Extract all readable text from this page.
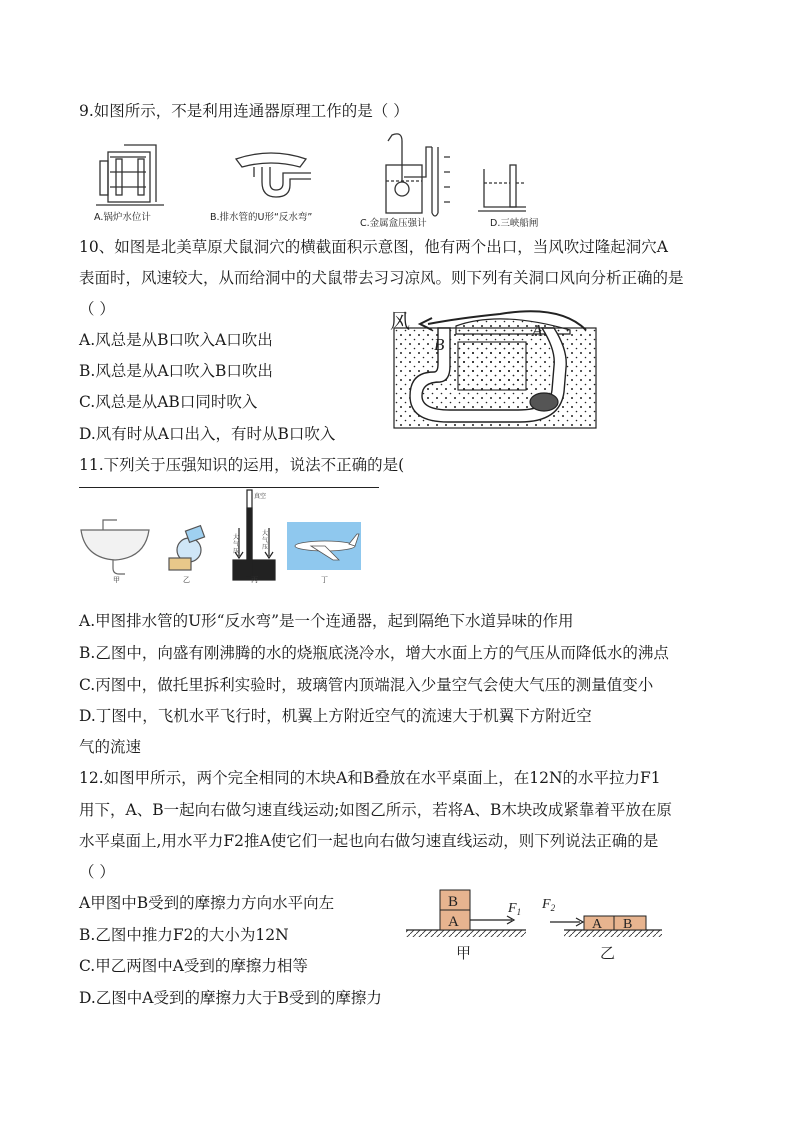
9.如图所示，不是利用连通器原理工作的是（ ）
A.锅炉水位计	B.排水管的U形“反水弯”
C.金属盒压强计	D.三峡船闸
10、如图是北美草原犬鼠洞穴的横截面积示意图，他有两个出口，当风吹过隆起洞穴A
表面时，风速较大，从而给洞中的犬鼠带去习习凉风。则下列有关洞口风向分析正确的是
（ ）
A.风总是从B口吹入A口吹出
B.风总是从A口吹入B口吹出
C.风总是从AB口同时吹入
D.风有时从A口出入，有时从B口吹入
风	A
B
11.下列关于压强知识的运用，说法不正确的是(
真空
甲	乙	丙	丁
大气压
大气压
A.甲图排水管的U形“反水弯”是一个连通器，起到隔绝下水道异味的作用
B.乙图中，向盛有刚沸腾的水的烧瓶底浇冷水，增大水面上方的气压从而降低水的沸点
C.丙图中，做托里拆利实验时，玻璃管内顶端混入少量空气会使大气压的测量值变小
D.丁图中，飞机水平飞行时，机翼上方附近空气的流速大于机翼下方附近空
气的流速
12.如图甲所示，两个完全相同的木块A和B叠放在水平桌面上，在12N的水平拉力F1
用下，A、B一起向右做匀速直线运动;如图乙所示，若将A、B木块改成紧靠着平放在原
水平桌面上,用水平力F2推A使它们一起也向右做匀速直线运动，则下列说法正确的是
（ ）
A甲图中B受到的摩擦力方向水平向左
B.乙图中推力F2的大小为12N
C.甲乙两图中A受到的摩擦力相等
D.乙图中A受到的摩擦力大于B受到的摩擦力
B
A
$F_1$
甲
A B
$F_2$
乙
